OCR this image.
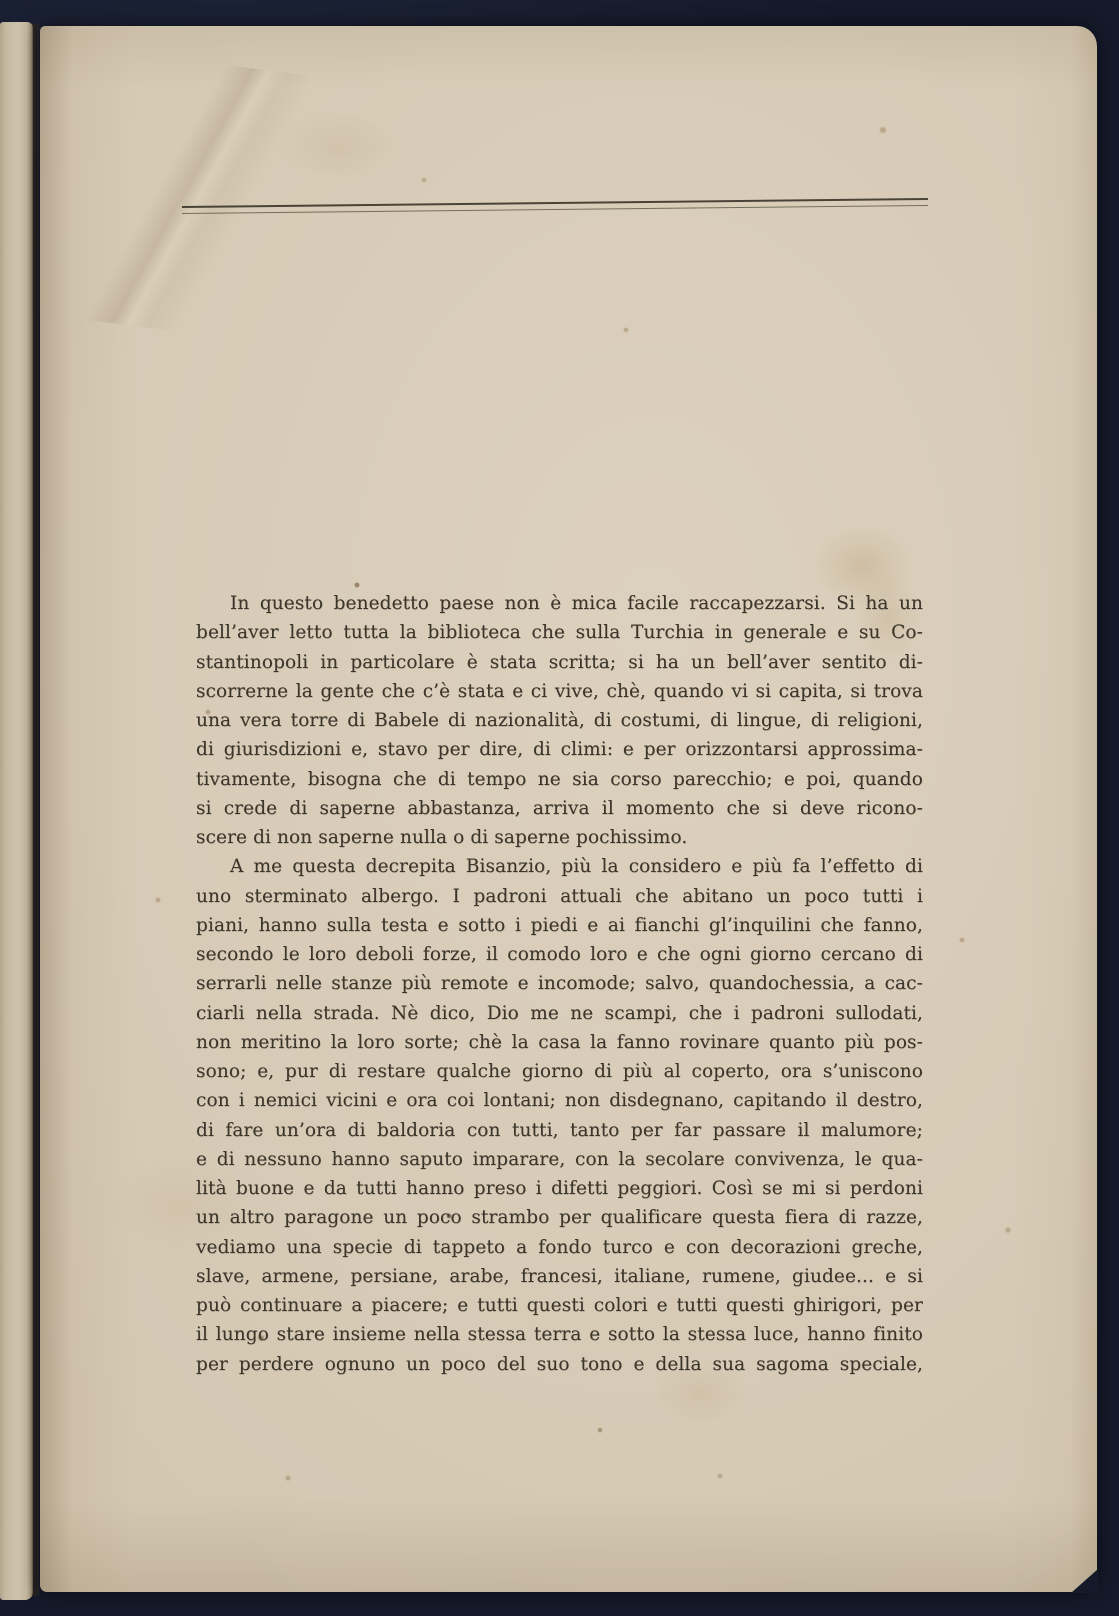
In questo benedetto paese non è mica facile raccapezzarsi. Si ha un
bell’aver letto tutta la biblioteca che sulla Turchia in generale e su Co-
stantinopoli in particolare è stata scritta; si ha un bell’aver sentito di-
scorrerne la gente che c’è stata e ci vive, chè, quando vi si capita, si trova
una vera torre di Babele di nazionalità, di costumi, di lingue, di religioni,
di giurisdizioni e, stavo per dire, di climi: e per orizzontarsi approssima-
tivamente, bisogna che di tempo ne sia corso parecchio; e poi, quando
si crede di saperne abbastanza, arriva il momento che si deve ricono-
scere di non saperne nulla o di saperne pochissimo.
A me questa decrepita Bisanzio, più la considero e più fa l’effetto di
uno sterminato albergo. I padroni attuali che abitano un poco tutti i
piani, hanno sulla testa e sotto i piedi e ai fianchi gl’inquilini che fanno,
secondo le loro deboli forze, il comodo loro e che ogni giorno cercano di
serrarli nelle stanze più remote e incomode; salvo, quandochessia, a cac-
ciarli nella strada. Nè dico, Dio me ne scampi, che i padroni sullodati,
non meritino la loro sorte; chè la casa la fanno rovinare quanto più pos-
sono; e, pur di restare qualche giorno di più al coperto, ora s’uniscono
con i nemici vicini e ora coi lontani; non disdegnano, capitando il destro,
di fare un’ora di baldoria con tutti, tanto per far passare il malumore;
e di nessuno hanno saputo imparare, con la secolare convivenza, le qua-
lità buone e da tutti hanno preso i difetti peggiori. Così se mi si perdoni
un altro paragone un poco strambo per qualificare questa fiera di razze,
vediamo una specie di tappeto a fondo turco e con decorazioni greche,
slave, armene, persiane, arabe, francesi, italiane, rumene, giudee... e si
può continuare a piacere; e tutti questi colori e tutti questi ghirigori, per
il lungo stare insieme nella stessa terra e sotto la stessa luce, hanno finito
per perdere ognuno un poco del suo tono e della sua sagoma speciale,
